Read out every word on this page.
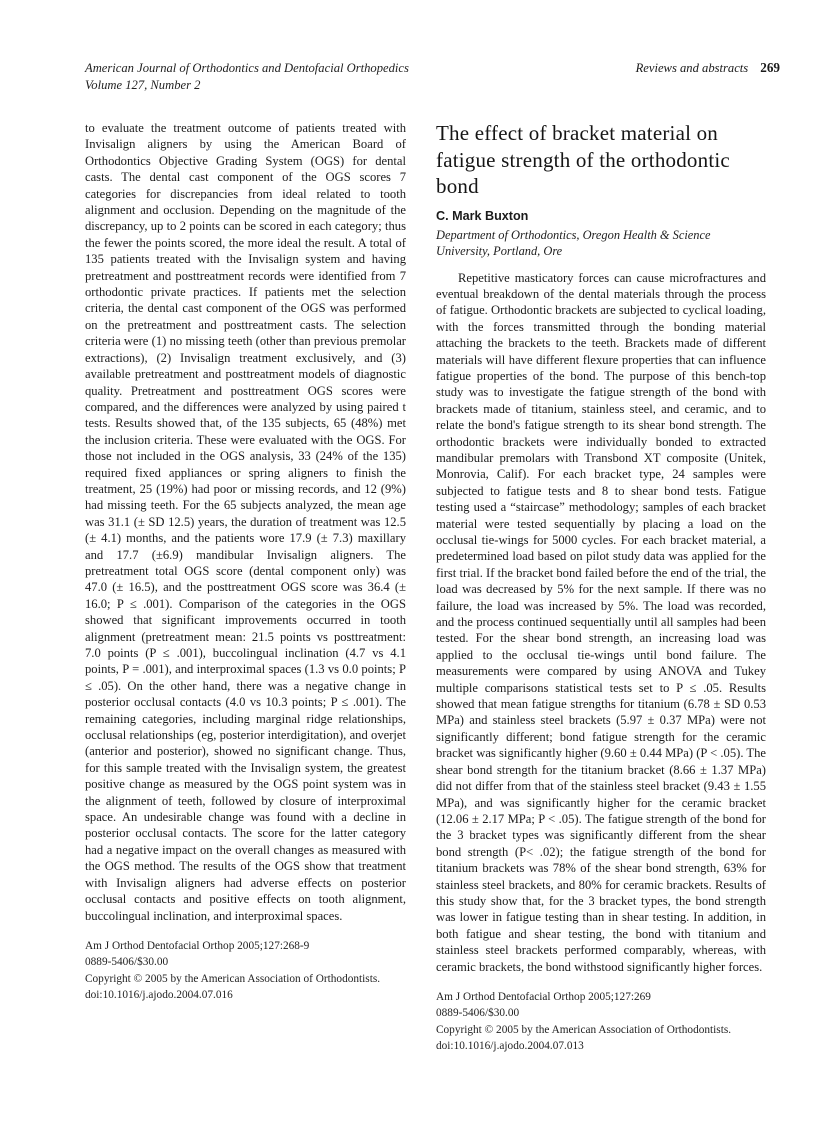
American Journal of Orthodontics and Dentofacial Orthopedics
Volume 127, Number 2
Reviews and abstracts 269

to evaluate the treatment outcome of patients treated with Invisalign aligners by using the American Board of Orthodontics Objective Grading System (OGS) for dental casts. The dental cast component of the OGS scores 7 categories for discrepancies from ideal related to tooth alignment and occlusion. Depending on the magnitude of the discrepancy, up to 2 points can be scored in each category; thus the fewer the points scored, the more ideal the result. A total of 135 patients treated with the Invisalign system and having pretreatment and posttreatment records were identified from 7 orthodontic private practices. If patients met the selection criteria, the dental cast component of the OGS was performed on the pretreatment and posttreatment casts. The selection criteria were (1) no missing teeth (other than previous premolar extractions), (2) Invisalign treatment exclusively, and (3) available pretreatment and posttreatment models of diagnostic quality. Pretreatment and posttreatment OGS scores were compared, and the differences were analyzed by using paired t tests. Results showed that, of the 135 subjects, 65 (48%) met the inclusion criteria. These were evaluated with the OGS. For those not included in the OGS analysis, 33 (24% of the 135) required fixed appliances or spring aligners to finish the treatment, 25 (19%) had poor or missing records, and 12 (9%) had missing teeth. For the 65 subjects analyzed, the mean age was 31.1 (± SD 12.5) years, the duration of treatment was 12.5 (± 4.1) months, and the patients wore 17.9 (± 7.3) maxillary and 17.7 (±6.9) mandibular Invisalign aligners. The pretreatment total OGS score (dental component only) was 47.0 (± 16.5), and the posttreatment OGS score was 36.4 (± 16.0; P ≤ .001). Comparison of the categories in the OGS showed that significant improvements occurred in tooth alignment (pretreatment mean: 21.5 points vs posttreatment: 7.0 points (P ≤ .001), buccolingual inclination (4.7 vs 4.1 points, P = .001), and interproximal spaces (1.3 vs 0.0 points; P ≤ .05). On the other hand, there was a negative change in posterior occlusal contacts (4.0 vs 10.3 points; P ≤ .001). The remaining categories, including marginal ridge relationships, occlusal relationships (eg, posterior interdigitation), and overjet (anterior and posterior), showed no significant change. Thus, for this sample treated with the Invisalign system, the greatest positive change as measured by the OGS point system was in the alignment of teeth, followed by closure of interproximal space. An undesirable change was found with a decline in posterior occlusal contacts. The score for the latter category had a negative impact on the overall changes as measured with the OGS method. The results of the OGS show that treatment with Invisalign aligners had adverse effects on posterior occlusal contacts and positive effects on tooth alignment, buccolingual inclination, and interproximal spaces.

Am J Orthod Dentofacial Orthop 2005;127:268-9
0889-5406/$30.00
Copyright © 2005 by the American Association of Orthodontists.
doi:10.1016/j.ajodo.2004.07.016
The effect of bracket material on fatigue strength of the orthodontic bond
C. Mark Buxton
Department of Orthodontics, Oregon Health & Science University, Portland, Ore

Repetitive masticatory forces can cause microfractures and eventual breakdown of the dental materials through the process of fatigue. Orthodontic brackets are subjected to cyclical loading, with the forces transmitted through the bonding material attaching the brackets to the teeth. Brackets made of different materials will have different flexure properties that can influence fatigue properties of the bond. The purpose of this bench-top study was to investigate the fatigue strength of the bond with brackets made of titanium, stainless steel, and ceramic, and to relate the bond's fatigue strength to its shear bond strength. The orthodontic brackets were individually bonded to extracted mandibular premolars with Transbond XT composite (Unitek, Monrovia, Calif). For each bracket type, 24 samples were subjected to fatigue tests and 8 to shear bond tests. Fatigue testing used a “staircase” methodology; samples of each bracket material were tested sequentially by placing a load on the occlusal tie-wings for 5000 cycles. For each bracket material, a predetermined load based on pilot study data was applied for the first trial. If the bracket bond failed before the end of the trial, the load was decreased by 5% for the next sample. If there was no failure, the load was increased by 5%. The load was recorded, and the process continued sequentially until all samples had been tested. For the shear bond strength, an increasing load was applied to the occlusal tie-wings until bond failure. The measurements were compared by using ANOVA and Tukey multiple comparisons statistical tests set to P ≤ .05. Results showed that mean fatigue strengths for titanium (6.78 ± SD 0.53 MPa) and stainless steel brackets (5.97 ± 0.37 MPa) were not significantly different; bond fatigue strength for the ceramic bracket was significantly higher (9.60 ± 0.44 MPa) (P < .05). The shear bond strength for the titanium bracket (8.66 ± 1.37 MPa) did not differ from that of the stainless steel bracket (9.43 ± 1.55 MPa), and was significantly higher for the ceramic bracket (12.06 ± 2.17 MPa; P < .05). The fatigue strength of the bond for the 3 bracket types was significantly different from the shear bond strength (P< .02); the fatigue strength of the bond for titanium brackets was 78% of the shear bond strength, 63% for stainless steel brackets, and 80% for ceramic brackets. Results of this study show that, for the 3 bracket types, the bond strength was lower in fatigue testing than in shear testing. In addition, in both fatigue and shear testing, the bond with titanium and stainless steel brackets performed comparably, whereas, with ceramic brackets, the bond withstood significantly higher forces.

Am J Orthod Dentofacial Orthop 2005;127:269
0889-5406/$30.00
Copyright © 2005 by the American Association of Orthodontists.
doi:10.1016/j.ajodo.2004.07.013
